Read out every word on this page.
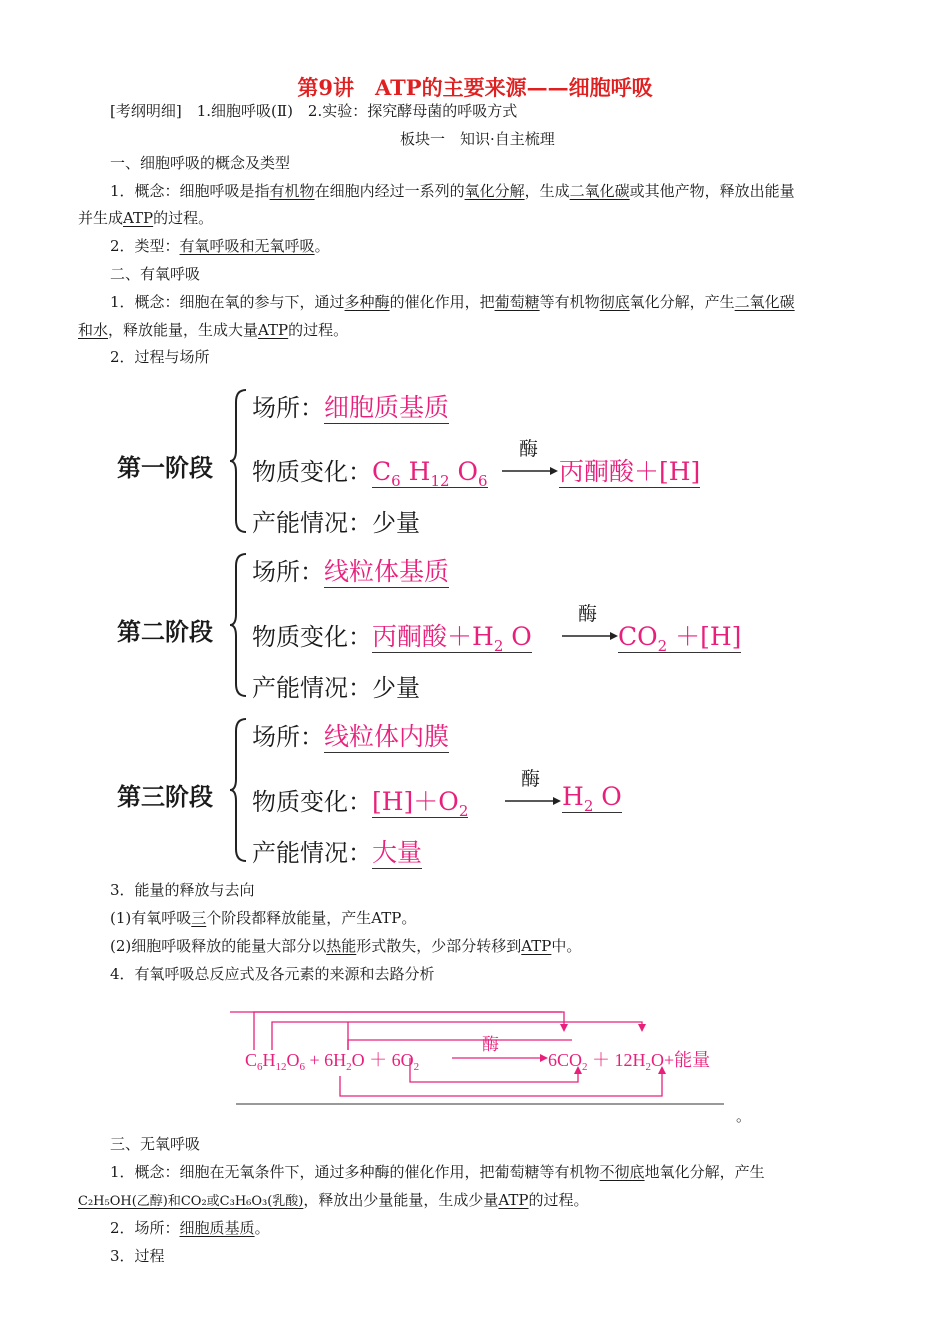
第9讲　ATP的主要来源——细胞呼吸
[考纲明细]　1.细胞呼吸(Ⅱ)　2.实验：探究酵母菌的呼吸方式
板块一　知识·自主梳理
一、细胞呼吸的概念及类型
1．概念：细胞呼吸是指有机物在细胞内经过一系列的氧化分解，生成二氧化碳或其他产物，释放出能量
并生成ATP的过程。
2．类型：有氧呼吸和无氧呼吸。
二、有氧呼吸
1．概念：细胞在氧的参与下，通过多种酶的催化作用，把葡萄糖等有机物彻底氧化分解，产生二氧化碳
和水，释放能量，生成大量ATP的过程。
2．过程与场所
第一阶段
场所：细胞质基质
物质变化：$C_6$ $H_{12}$ $O_6$
酶
丙酮酸＋[H]
产能情况：少量
第二阶段
场所：线粒体基质
物质变化：丙酮酸$+H_2$ O
酶
$CO_2 +[H]$
产能情况：少量
第三阶段
场所：线粒体内膜
物质变化：$[H]+O_2$
酶
$H_2$ O
产能情况：大量
3．能量的释放与去向
(1)有氧呼吸三个阶段都释放能量，产生ATP。
(2)细胞呼吸释放的能量大部分以热能形式散失，少部分转移到ATP中。
4．有氧呼吸总反应式及各元素的来源和去路分析
酶
$C_6H_{12}O_6 + 6H_2O + 6O_2$	$6CO_2 + 12H_2O+$能量
。
三、无氧呼吸
1．概念：细胞在无氧条件下，通过多种酶的催化作用，把葡萄糖等有机物不彻底地氧化分解，产生
C₂H₅OH(乙醇)和CO₂或C₃H₆O₃(乳酸)，释放出少量能量，生成少量ATP的过程。
2．场所：细胞质基质。
3．过程
